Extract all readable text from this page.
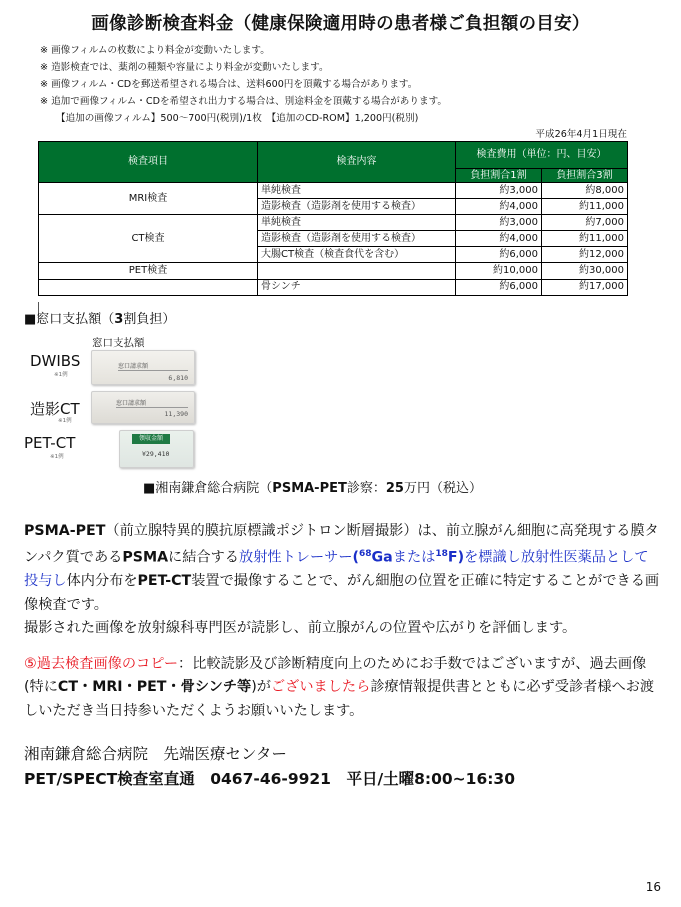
画像診断検査料金（健康保険適用時の患者様ご負担額の目安）
※ 画像フィルムの枚数により料金が変動いたします。
※ 造影検査では、薬剤の種類や容量により料金が変動いたします。
※ 画像フィルム・CDを郵送希望される場合は、送料600円を頂戴する場合があります。
※ 追加で画像フィルム・CDを希望され出力する場合は、別途料金を頂戴する場合があります。
【追加の画像フィルム】500～700円(税別)/1枚　【追加のCD-ROM】1,200円(税別)
平成26年4月1日現在
検査項目	検査内容	検査費用（単位：円、目安）	
		負担割合1割	負担割合3割
MRI検査	単純検査	約3,000	約8,000
	造影検査（造影剤を使用する検査）	約4,000	約11,000
CT検査	単純検査	約3,000	約7,000
	造影検査（造影剤を使用する検査）	約4,000	約11,000
	大腸CT検査（検査食代を含む）	約6,000	約12,000
PET検査		約10,000	約30,000
	骨シンチ	約6,000	約17,000
■窓口支払額（3割負担）
窓口支払額
DWIBS
※1例
窓口請求額
6,810
造影CT
※1例
窓口請求額
11,390
PET-CT
※1例
領収金額
¥29,410
■湘南鎌倉総合病院（PSMA-PET診察：25万円（税込）
PSMA-PET（前立腺特異的膜抗原標識ポジトロン断層撮影）は、前立腺がん細胞に高発現する膜タンパク質であるPSMAに結合する放射性トレーサー($^{68}$Gaまたは$^{18}$F)を標識し放射性医薬品として投与し体内分布をPET-CT装置で撮像することで、がん細胞の位置を正確に特定することができる画像検査です。
撮影された画像を放射線科専門医が読影し、前立腺がんの位置や広がりを評価します。
⑤過去検査画像のコピー：比較読影及び診断精度向上のためにお手数ではございますが、過去画像(特にCT・MRI・PET・骨シンチ等)がございましたら診療情報提供書とともに必ず受診者様へお渡しいただき当日持参いただくようお願いいたします。
湘南鎌倉総合病院　先端医療センター
PET/SPECT検査室直通　0467-46-9921　平日/土曜8:00~16:30
16
